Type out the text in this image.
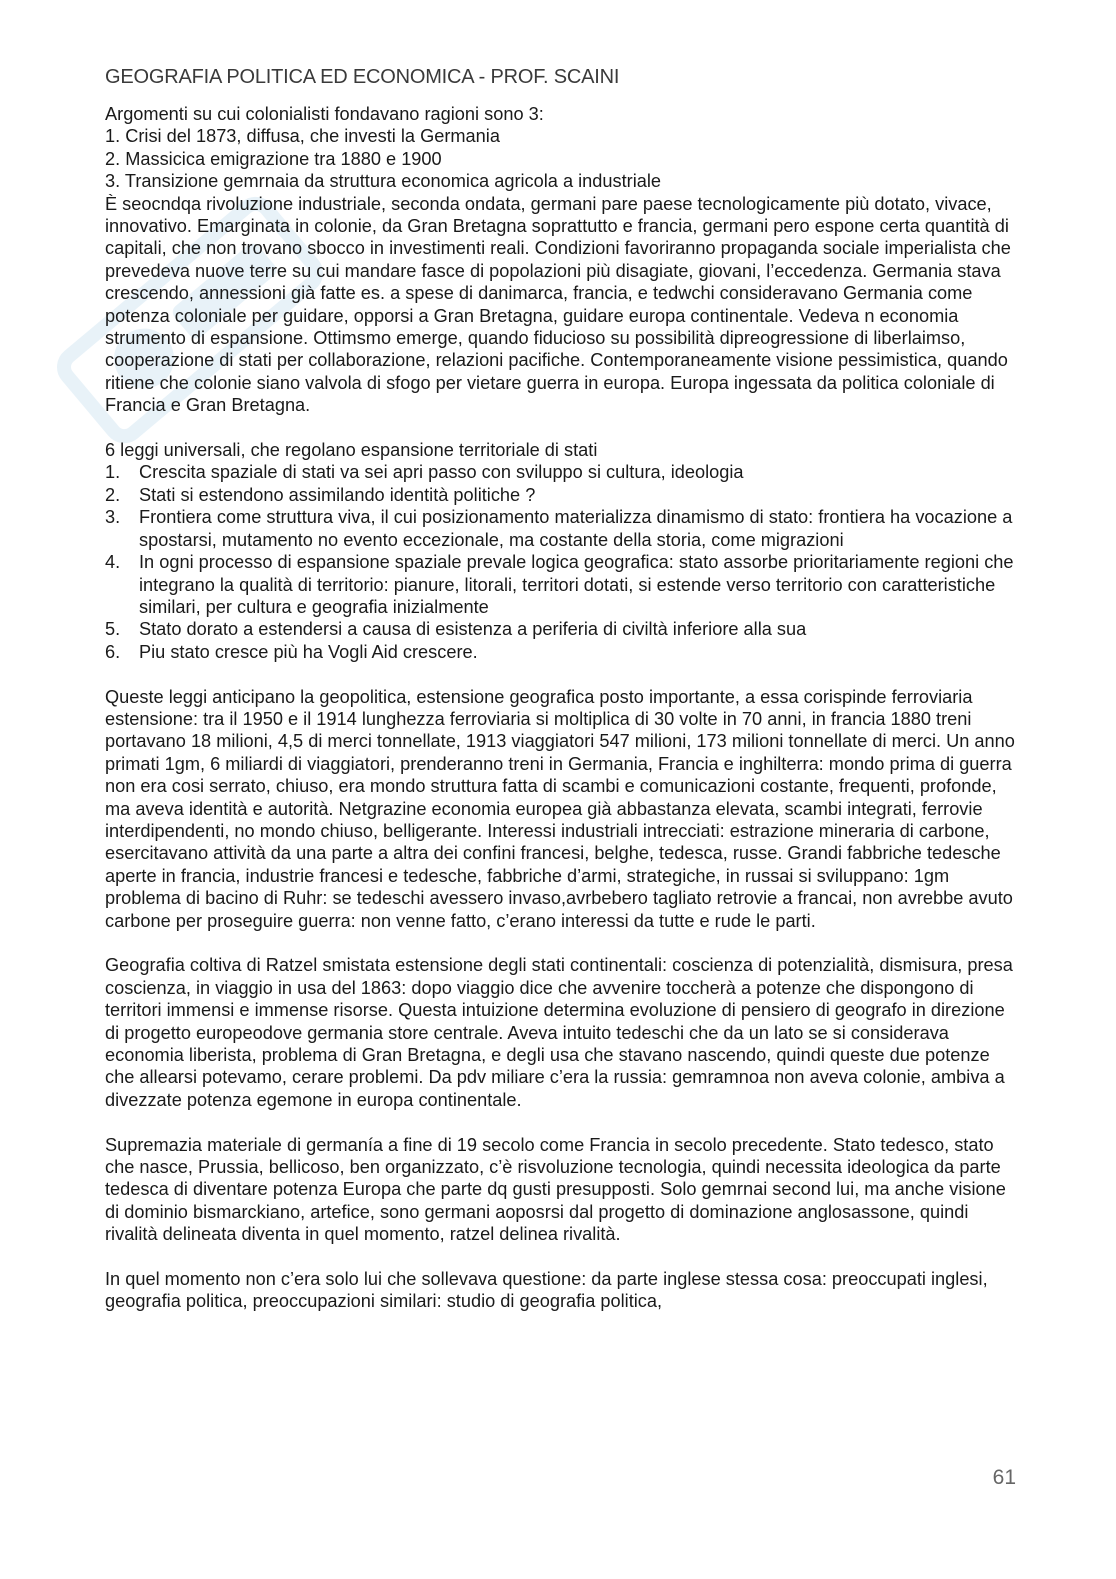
GEOGRAFIA POLITICA ED ECONOMICA - PROF. SCAINI

Argomenti su cui colonialisti fondavano ragioni sono 3:

1. Crisi del 1873, diffusa, che investi la Germania

2. Massicica emigrazione tra 1880 e 1900

3. Transizione gemrnaia da struttura economica agricola a industriale

È seocndqa rivoluzione industriale, seconda ondata, germani pare paese tecnologicamente più dotato, vivace, innovativo. Emarginata in colonie, da Gran Bretagna soprattutto e francia, germani pero espone certa quantità di capitali, che non trovano sbocco in investimenti reali. Condizioni favoriranno propaganda sociale imperialista che prevedeva nuove terre su cui mandare fasce di popolazioni più disagiate, giovani, l’eccedenza. Germania stava crescendo, annessioni già fatte es. a spese di danimarca, francia, e tedwchi consideravano Germania come potenza coloniale per guidare, opporsi a Gran Bretagna, guidare europa continentale. Vedeva n economia strumento di espansione. Ottimsmo emerge, quando fiducioso su possibilità dipreogressione di liberlaimso, cooperazione di stati per collaborazione, relazioni pacifiche. Contemporaneamente visione pessimistica, quando ritiene che colonie siano valvola di sfogo per vietare guerra in europa. Europa ingessata da politica coloniale di Francia e Gran Bretagna.

6 leggi universali, che regolano espansione territoriale di stati

1. Crescita spaziale di stati va sei apri passo con sviluppo si cultura, ideologia
2. Stati si estendono assimilando identità politiche ?
3. Frontiera come struttura viva, il cui posizionamento materializza dinamismo di stato: frontiera ha vocazione a spostarsi, mutamento no evento eccezionale, ma costante della storia, come migrazioni
4. In ogni processo di espansione spaziale prevale logica geografica: stato assorbe prioritariamente regioni che integrano la qualità di territorio: pianure, litorali, territori dotati, si estende verso territorio con caratteristiche similari, per cultura e geografia inizialmente
5. Stato dorato a estendersi a causa di esistenza a periferia di civiltà inferiore alla sua
6. Piu stato cresce più ha Vogli Aid crescere.

Queste leggi anticipano la geopolitica, estensione geografica posto importante, a essa corispinde ferroviaria estensione: tra il 1950 e il 1914 lunghezza ferroviaria si moltiplica di 30 volte in 70 anni, in francia 1880 treni portavano 18 milioni, 4,5 di merci tonnellate, 1913 viaggiatori 547 milioni, 173 milioni tonnellate di merci. Un anno primati 1gm, 6 miliardi di viaggiatori, prenderanno treni in Germania, Francia e inghilterra: mondo prima di guerra non era cosi serrato, chiuso, era mondo struttura fatta di scambi e comunicazioni costante, frequenti, profonde, ma aveva identità e autorità. Netgrazine economia europea già abbastanza elevata, scambi integrati, ferrovie interdipendenti, no mondo chiuso, belligerante. Interessi industriali intrecciati: estrazione mineraria di carbone, esercitavano attività da una parte a altra dei confini francesi, belghe, tedesca, russe. Grandi fabbriche tedesche aperte in francia, industrie francesi e tedesche, fabbriche d’armi, strategiche, in russai si sviluppano: 1gm problema di bacino di Ruhr: se tedeschi avessero invaso,avrbebero tagliato retrovie a francai, non avrebbe avuto carbone per proseguire guerra: non venne fatto, c’erano interessi da tutte e rude le parti.

Geografia coltiva di Ratzel smistata estensione degli stati continentali: coscienza di potenzialità, dismisura, presa coscienza, in viaggio in usa del 1863: dopo viaggio dice che avvenire toccherà a potenze che dispongono di territori immensi e immense risorse. Questa intuizione determina evoluzione di pensiero di geografo in direzione di progetto europeodove germania store centrale. Aveva intuito tedeschi che da un lato se si considerava economia liberista, problema di Gran Bretagna, e degli usa che stavano nascendo, quindi queste due potenze che allearsi potevamo, cerare problemi. Da pdv miliare c’era la russia: gemramnoa non aveva colonie, ambiva a divezzate potenza egemone in europa continentale.

Supremazia materiale di germanía a fine di 19 secolo come Francia in secolo precedente. Stato tedesco, stato che nasce, Prussia, bellicoso, ben organizzato, c’è risvoluzione tecnologia, quindi necessita ideologica da parte tedesca di diventare potenza Europa che parte dq gusti presupposti. Solo gemrnai second lui, ma anche visione di dominio bismarckiano, artefice, sono germani aoposrsi dal progetto di dominazione anglosassone, quindi rivalità delineata diventa in quel momento, ratzel delinea rivalità.

In quel momento non c’era solo lui che sollevava questione: da parte inglese stessa cosa: preoccupati inglesi, geografia politica, preoccupazioni similari: studio di geografia politica,

61
